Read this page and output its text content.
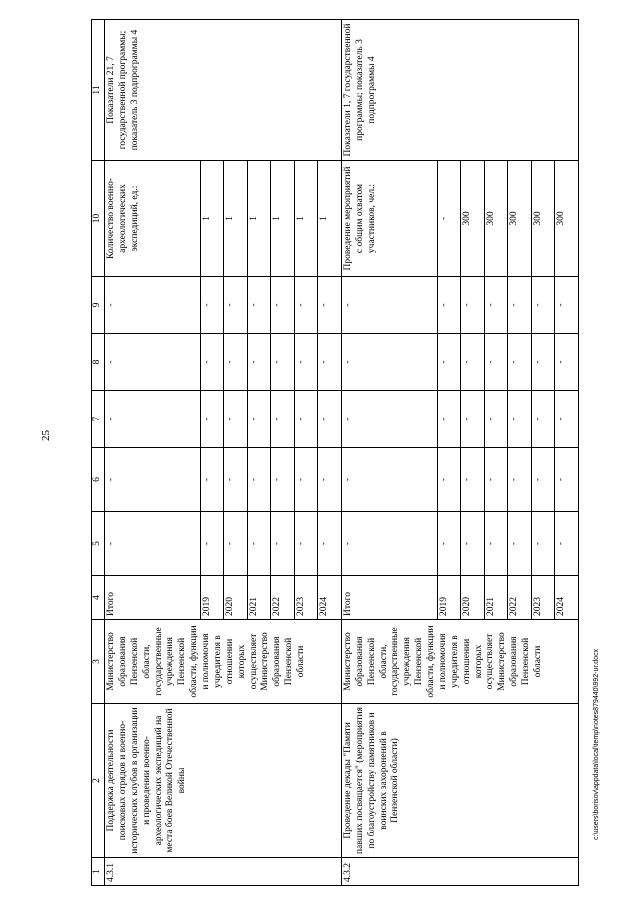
25
1	2	3	4	5	6	7	8	9	10	11
4.3.1	Поддержка деятельности поисковых отрядов и военно-исторических клубов в организации и проведении военно-археологических экспедиций на места боев Великой Отечественной войны	Министерство образования Пензенской области, государственные учреждения Пензенской области, функции и полномочия учредителя в отношении которых осуществляет Министерство образования Пензенской области	Итого	-	-	-	-	-	Количество военно-археологических экспедиций, ед.:	Показатели 21, 7 государственной программы; показатель 3 подпрограммы 4
			2019	-	-	-	-	-	1	
			2020	-	-	-	-	-	1	
			2021	-	-	-	-	-	1	
			2022	-	-	-	-	-	1	
			2023	-	-	-	-	-	1	
			2024	-	-	-	-	-	1	
4.3.2	Проведение декады "Памяти павших посвящается" (мероприятия по благоустройству памятников и воинских захоронений в Пензенской области)	Министерство образования Пензенской области, государственные учреждения Пензенской области, функции и полномочия учредителя в отношении которых осуществляет Министерство образования Пензенской области	Итого	-	-	-	-	-	Проведение мероприятий с общим охватом участников, чел.:	Показатели 1, 7 государственной программы; показатель 3 подпрограммы 4
			2019	-	-	-	-	-	-	
			2020	-	-	-	-	-	300	
			2021	-	-	-	-	-	300	
			2022	-	-	-	-	-	300	
			2023	-	-	-	-	-	300	
			2024	-	-	-	-	-	300	
c:\users\borisov\appdata\local\temp\notes879440\992-ur.docx
